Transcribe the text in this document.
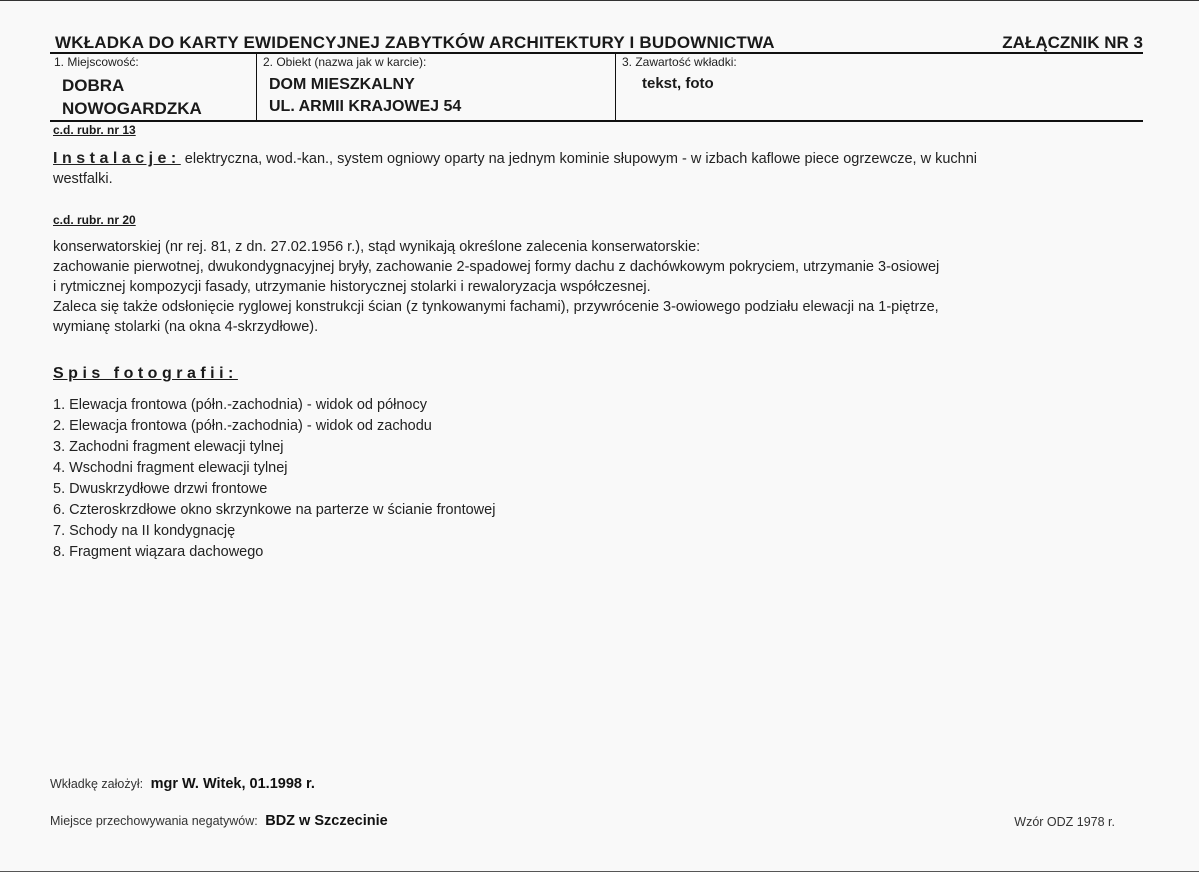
WKŁADKA DO KARTY EWIDENCYJNEJ ZABYTKÓW ARCHITEKTURY I BUDOWNICTWA	ZAŁĄCZNIK NR 3
1. Miejscowość:
DOBRA
NOWOGARDZKA
2. Obiekt (nazwa jak w karcie):
DOM MIESZKALNY
UL. ARMII KRAJOWEJ 54
3. Zawartość wkładki:
tekst, foto
c.d. rubr. nr 13
Instalacje: elektryczna, wod.-kan., system ogniowy oparty na jednym kominie słupowym - w izbach kaflowe piece ogrzewcze, w kuchni
westfalki.
c.d. rubr. nr 20
konserwatorskiej (nr rej. 81, z dn. 27.02.1956 r.), stąd wynikają określone zalecenia konserwatorskie:
zachowanie pierwotnej, dwukondygnacyjnej bryły, zachowanie 2-spadowej formy dachu z dachówkowym pokryciem, utrzymanie 3-osiowej
i rytmicznej kompozycji fasady, utrzymanie historycznej stolarki i rewaloryzacja współczesnej.
Zaleca się także odsłonięcie ryglowej konstrukcji ścian (z tynkowanymi fachami), przywrócenie 3-owiowego podziału elewacji na 1-piętrze,
wymianę stolarki (na okna 4-skrzydłowe).
Spis fotografii:
1. Elewacja frontowa (półn.-zachodnia) - widok od północy
2. Elewacja frontowa (półn.-zachodnia) - widok od zachodu
3. Zachodni fragment elewacji tylnej
4. Wschodni fragment elewacji tylnej
5. Dwuskrzydłowe drzwi frontowe
6. Czteroskrzdłowe okno skrzynkowe na parterze w ścianie frontowej
7. Schody na II kondygnację
8. Fragment wiązara dachowego
Wkładkę założył: mgr W. Witek, 01.1998 r.
Miejsce przechowywania negatywów: BDZ w Szczecinie	Wzór ODZ 1978 r.
